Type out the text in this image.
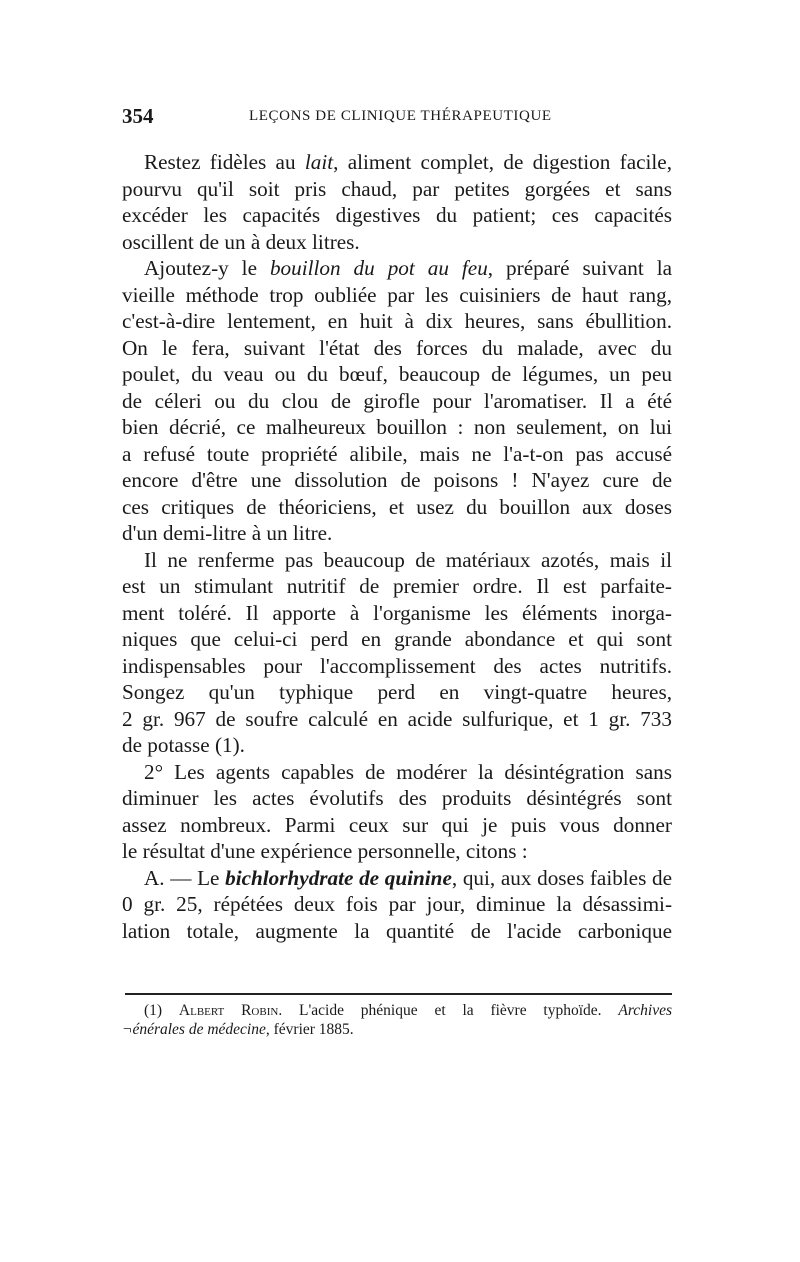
354	LEÇONS DE CLINIQUE THÉRAPEUTIQUE
Restez fidèles au lait, aliment complet, de digestion facile,
pourvu qu'il soit pris chaud, par petites gorgées et sans
excéder les capacités digestives du patient; ces capacités
oscillent de un à deux litres.
Ajoutez-y le bouillon du pot au feu, préparé suivant la
vieille méthode trop oubliée par les cuisiniers de haut rang,
c'est-à-dire lentement, en huit à dix heures, sans ébullition.
On le fera, suivant l'état des forces du malade, avec du
poulet, du veau ou du bœuf, beaucoup de légumes, un peu
de céleri ou du clou de girofle pour l'aromatiser. Il a été
bien décrié, ce malheureux bouillon : non seulement, on lui
a refusé toute propriété alibile, mais ne l'a-t-on pas accusé
encore d'être une dissolution de poisons ! N'ayez cure de
ces critiques de théoriciens, et usez du bouillon aux doses
d'un demi-litre à un litre.
Il ne renferme pas beaucoup de matériaux azotés, mais il
est un stimulant nutritif de premier ordre. Il est parfaite-
ment toléré. Il apporte à l'organisme les éléments inorga-
niques que celui-ci perd en grande abondance et qui sont
indispensables pour l'accomplissement des actes nutritifs.
Songez qu'un typhique perd en vingt-quatre heures,
2 gr. 967 de soufre calculé en acide sulfurique, et 1 gr. 733
de potasse (1).
2° Les agents capables de modérer la désintégration sans
diminuer les actes évolutifs des produits désintégrés sont
assez nombreux. Parmi ceux sur qui je puis vous donner
le résultat d'une expérience personnelle, citons :
A. — Le bichlorhydrate de quinine, qui, aux doses faibles de
0 gr. 25, répétées deux fois par jour, diminue la désassimi-
lation totale, augmente la quantité de l'acide carbonique
(1) Albert Robin. L'acide phénique et la fièvre typhoïde. Archives
¬énérales de médecine, février 1885.
